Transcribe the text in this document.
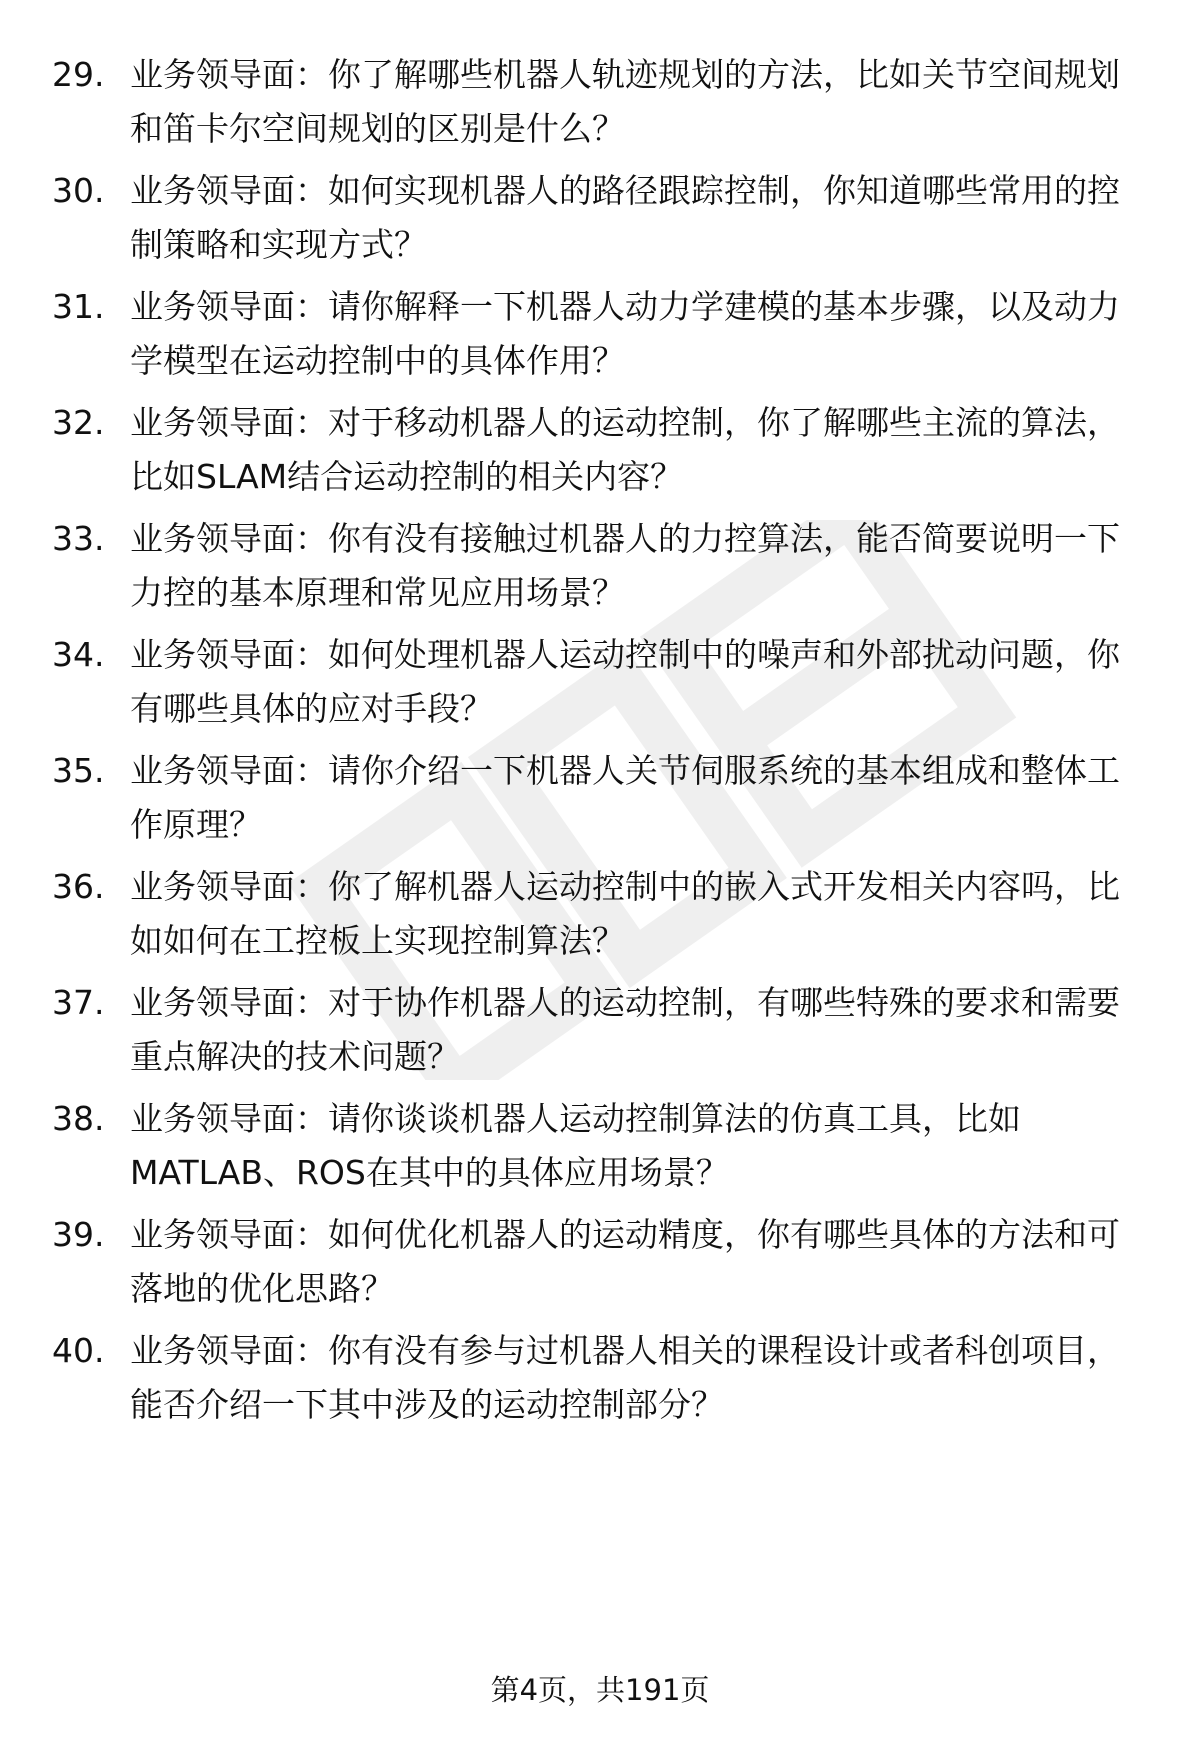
29. 业务领导面：你了解哪些机器人轨迹规划的方法，比如关节空间规划和笛卡尔空间规划的区别是什么？
30. 业务领导面：如何实现机器人的路径跟踪控制，你知道哪些常用的控制策略和实现方式？
31. 业务领导面：请你解释一下机器人动力学建模的基本步骤，以及动力学模型在运动控制中的具体作用？
32. 业务领导面：对于移动机器人的运动控制，你了解哪些主流的算法，比如SLAM结合运动控制的相关内容？
33. 业务领导面：你有没有接触过机器人的力控算法，能否简要说明一下力控的基本原理和常见应用场景？
34. 业务领导面：如何处理机器人运动控制中的噪声和外部扰动问题，你有哪些具体的应对手段？
35. 业务领导面：请你介绍一下机器人关节伺服系统的基本组成和整体工作原理？
36. 业务领导面：你了解机器人运动控制中的嵌入式开发相关内容吗，比如如何在工控板上实现控制算法？
37. 业务领导面：对于协作机器人的运动控制，有哪些特殊的要求和需要重点解决的技术问题？
38. 业务领导面：请你谈谈机器人运动控制算法的仿真工具，比如MATLAB、ROS在其中的具体应用场景？
39. 业务领导面：如何优化机器人的运动精度，你有哪些具体的方法和可落地的优化思路？
40. 业务领导面：你有没有参与过机器人相关的课程设计或者科创项目，能否介绍一下其中涉及的运动控制部分？
第4页，共191页
